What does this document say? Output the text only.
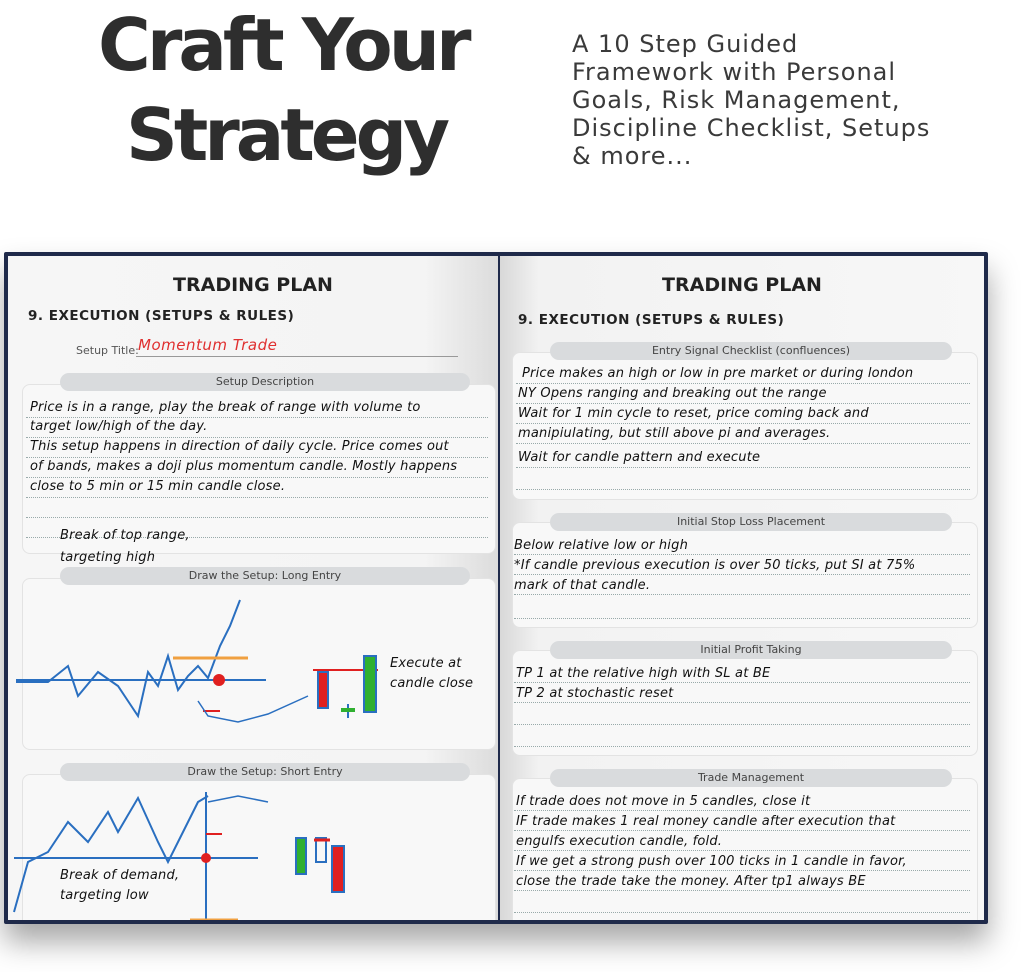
Craft Your
Strategy
A 10 Step Guided
Framework with Personal
Goals, Risk Management,
Discipline Checklist, Setups
& more...
TRADING PLAN
9. EXECUTION (SETUPS & RULES)
Setup Title: Momentum Trade
Setup Description
Price is in a range, play the break of range with volume to
target low/high of the day.
This setup happens in direction of daily cycle. Price comes out
of bands, makes a doji plus momentum candle. Mostly happens
close to 5 min or 15 min candle close.
Draw the Setup: Long Entry
Break of top range,
targeting high
Execute at
candle close
Draw the Setup: Short Entry
Break of demand,
targeting low
TRADING PLAN
9. EXECUTION (SETUPS & RULES)
Entry Signal Checklist (confluences)
Price makes an high or low in pre market or during london
NY Opens ranging and breaking out the range
Wait for 1 min cycle to reset, price coming back and
manipiulating, but still above pi and averages.
Wait for candle pattern and execute
Initial Stop Loss Placement
Below relative low or high
*If candle previous execution is over 50 ticks, put SI at 75%
mark of that candle.
Initial Profit Taking
TP 1 at the relative high with SL at BE
TP 2 at stochastic reset
Trade Management
If trade does not move in 5 candles, close it
IF trade makes 1 real money candle after execution that
engulfs execution candle, fold.
If we get a strong push over 100 ticks in 1 candle in favor,
close the trade take the money. After tp1 always BE
